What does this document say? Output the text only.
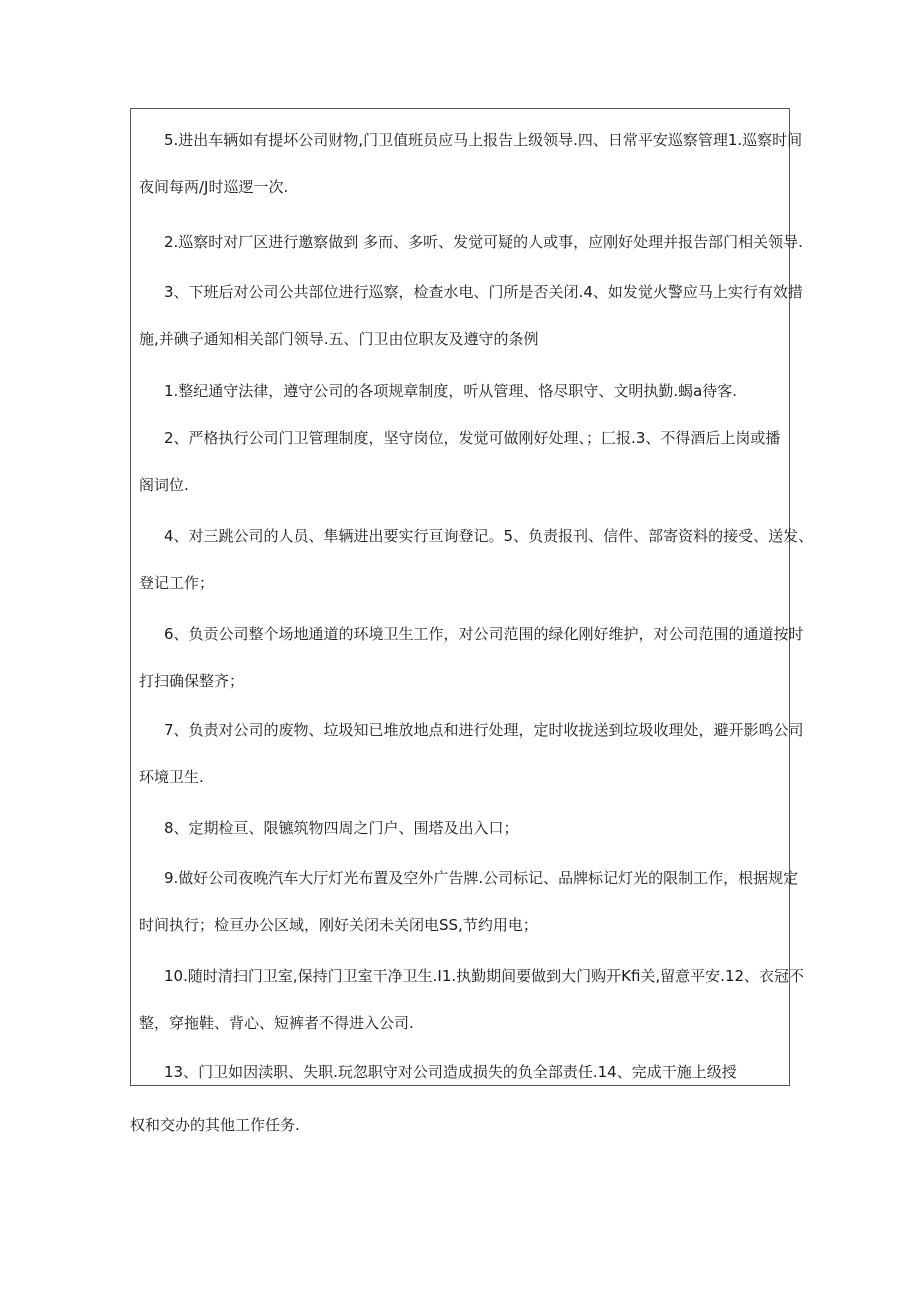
5.进出车辆如有提坏公司财物,门卫值班员应马上报告上级领导.四、日常平安巡察管理1.巡察时间
夜间每两/J时巡逻一次.
2.巡察时对厂区进行邀察做到 多而、多听、发觉可疑的人或事，应刚好处理并报告部门相关领导.
3、下班后对公司公共部位进行巡察，检查水电、门所是否关闭.4、如发觉火警应马上实行有效措
施,并碘子通知相关部门领导.五、门卫由位职友及遵守的条例
1.整纪通守法律，遵守公司的各项规章制度，听从管理、恪尽职守、文明执勤.蝎a待客.
2、严格执行公司门卫管理制度，坚守岗位，发觉可做刚好处理、；匚报.3、不得酒后上岗或播
阁词位.
4、对三跳公司的人员、隼辆进出要实行亘询登记。5、负责报刊、信件、部寄资料的接受、送发、
登记工作；
6、负贡公司整个场地通道的环境卫生工作，对公司范围的绿化刚好维护，对公司范围的通道按时
打扫确保整齐；
7、负责对公司的废物、垃圾知已堆放地点和进行处理，定时收拢送到垃圾收理处，避开影鸣公司
环境卫生.
8、定期检亘、限镳筑物四周之门户、围塔及出入口；
9.做好公司夜晚汽车大厅灯光布置及空外广告牌.公司标记、品牌标记灯光的限制工作，根据规定
时间执行；检亘办公区域，刚好关闭未关闭电SS,节约用电；
10.随时清扫门卫室,保持门卫室干净卫生.I1.执勤期间要做到大门购开Kfi关,留意平安.12、衣冠不
整，穿拖鞋、背心、短裤者不得进入公司.
13、门卫如因渎职、失职.玩忽职守对公司造成损失的负全部责任.14、完成干施上级授
权和交办的其他工作任务.
